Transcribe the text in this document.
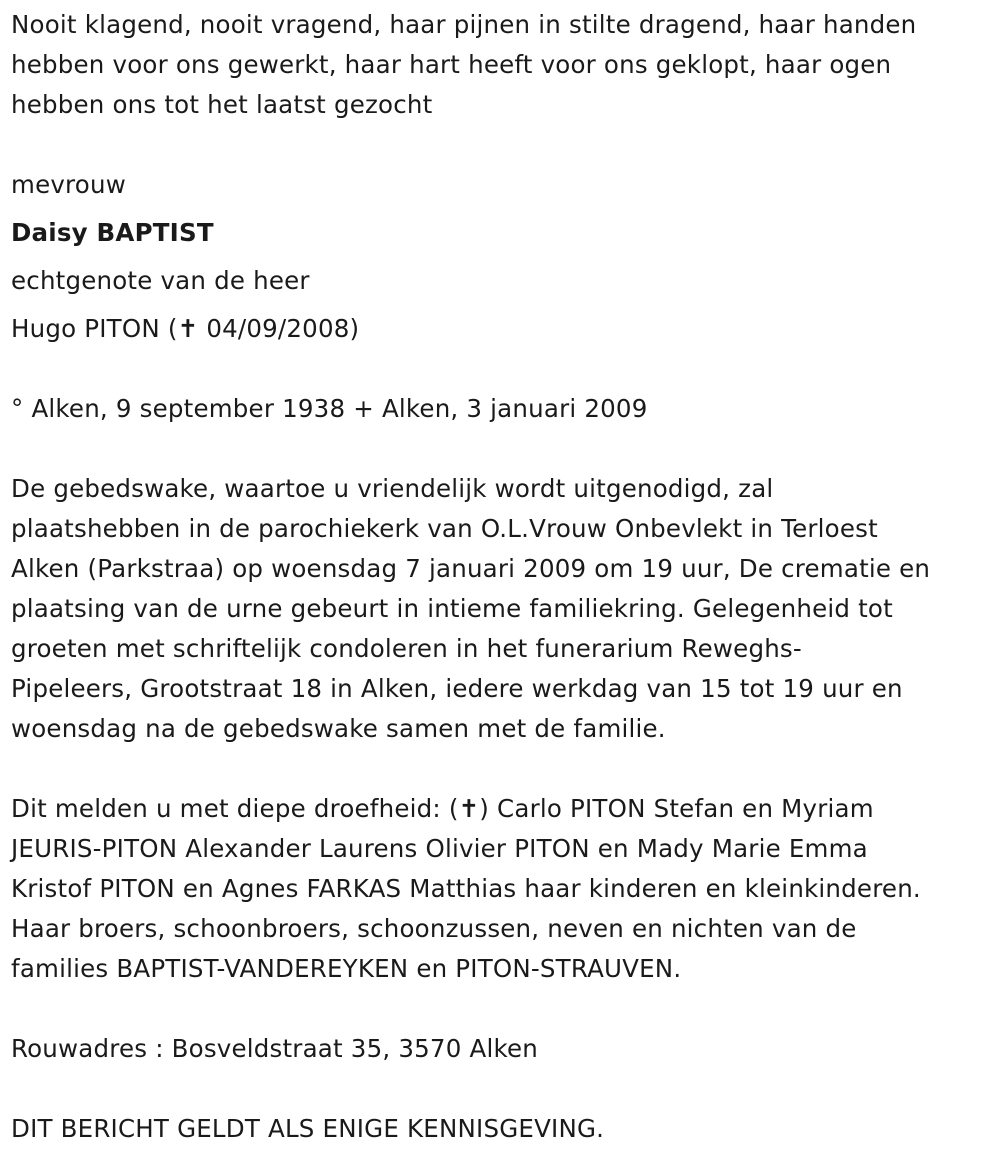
Nooit klagend, nooit vragend, haar pijnen in stilte dragend, haar handen
hebben voor ons gewerkt, haar hart heeft voor ons geklopt, haar ogen
hebben ons tot het laatst gezocht
mevrouw
Daisy BAPTIST
echtgenote van de heer
Hugo PITON (✝ 04/09/2008)
° Alken, 9 september 1938 + Alken, 3 januari 2009
De gebedswake, waartoe u vriendelijk wordt uitgenodigd, zal
plaatshebben in de parochiekerk van O.L.Vrouw Onbevlekt in Terloest
Alken (Parkstraa) op woensdag 7 januari 2009 om 19 uur, De crematie en
plaatsing van de urne gebeurt in intieme familiekring. Gelegenheid tot
groeten met schriftelijk condoleren in het funerarium Reweghs-
Pipeleers, Grootstraat 18 in Alken, iedere werkdag van 15 tot 19 uur en
woensdag na de gebedswake samen met de familie.
Dit melden u met diepe droefheid: (✝) Carlo PITON Stefan en Myriam
JEURIS-PITON Alexander Laurens Olivier PITON en Mady Marie Emma
Kristof PITON en Agnes FARKAS Matthias haar kinderen en kleinkinderen.
Haar broers, schoonbroers, schoonzussen, neven en nichten van de
families BAPTIST-VANDEREYKEN en PITON-STRAUVEN.
Rouwadres : Bosveldstraat 35, 3570 Alken
DIT BERICHT GELDT ALS ENIGE KENNISGEVING.
